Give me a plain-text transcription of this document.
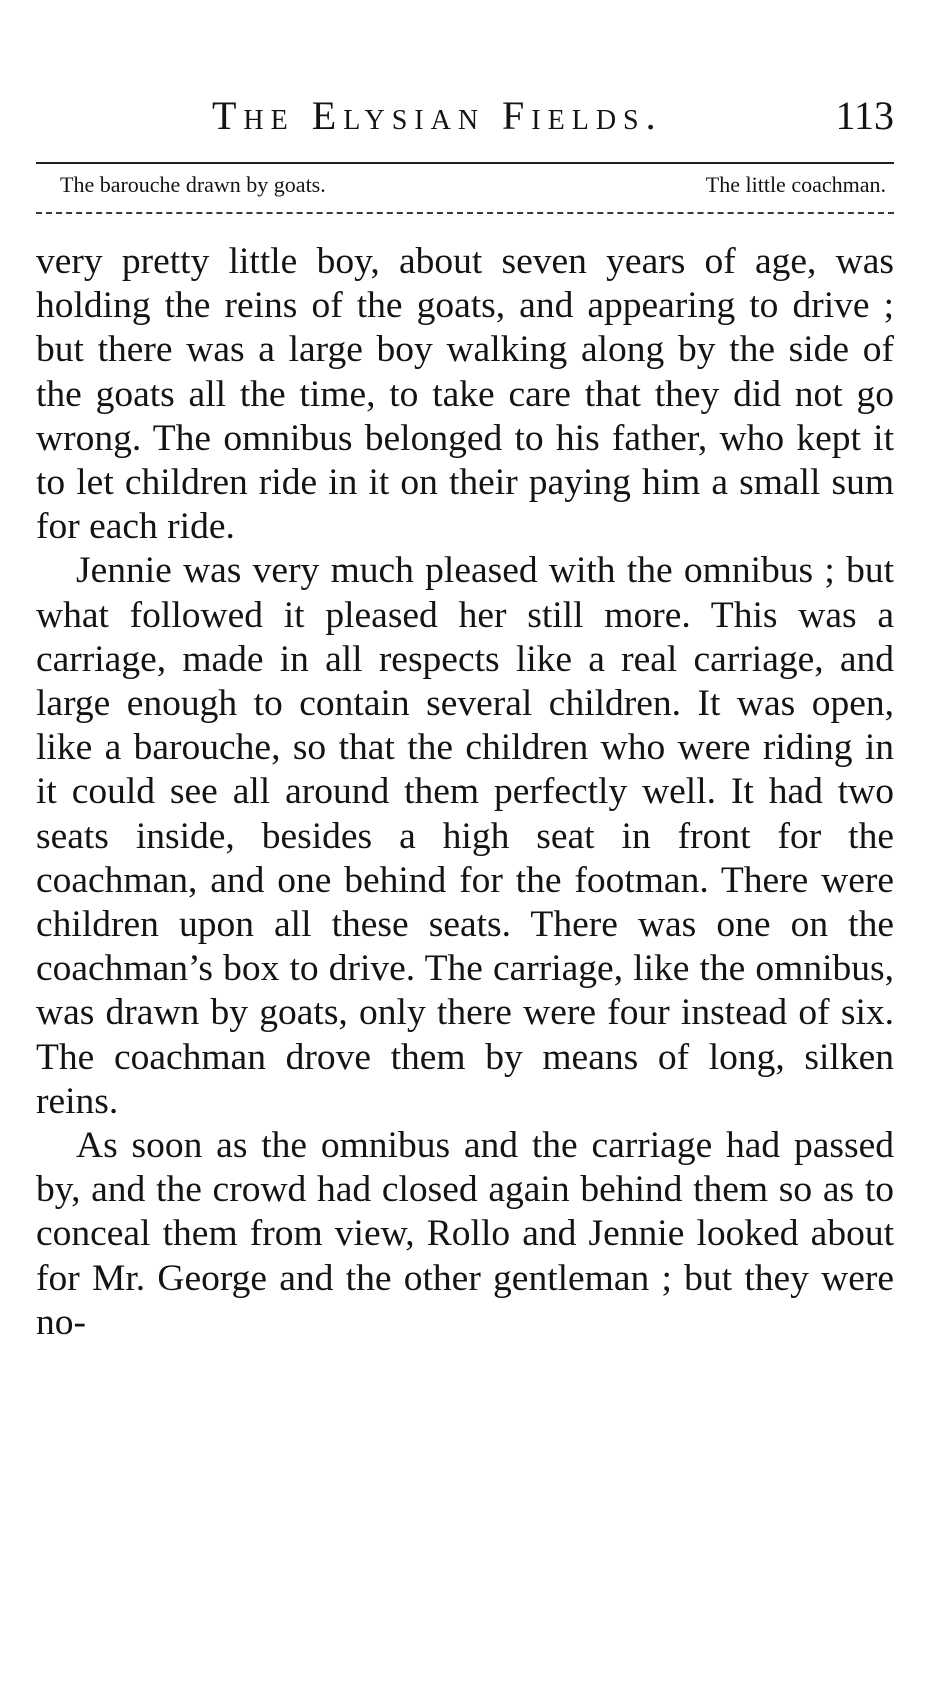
The Elysian Fields.	113
The barouche drawn by goats.	The little coachman.

very pretty little boy, about seven years of age, was holding the reins of the goats, and appearing to drive ; but there was a large boy walking along by the side of the goats all the time, to take care that they did not go wrong. The omnibus belonged to his father, who kept it to let children ride in it on their paying him a small sum for each ride.

Jennie was very much pleased with the omnibus ; but what followed it pleased her still more. This was a carriage, made in all respects like a real carriage, and large enough to contain several children. It was open, like a barouche, so that the children who were riding in it could see all around them perfectly well. It had two seats inside, besides a high seat in front for the coachman, and one behind for the footman. There were children upon all these seats. There was one on the coachman’s box to drive. The carriage, like the omnibus, was drawn by goats, only there were four instead of six. The coachman drove them by means of long, silken reins.

As soon as the omnibus and the carriage had passed by, and the crowd had closed again behind them so as to conceal them from view, Rollo and Jennie looked about for Mr. George and the other gentleman ; but they were no-
